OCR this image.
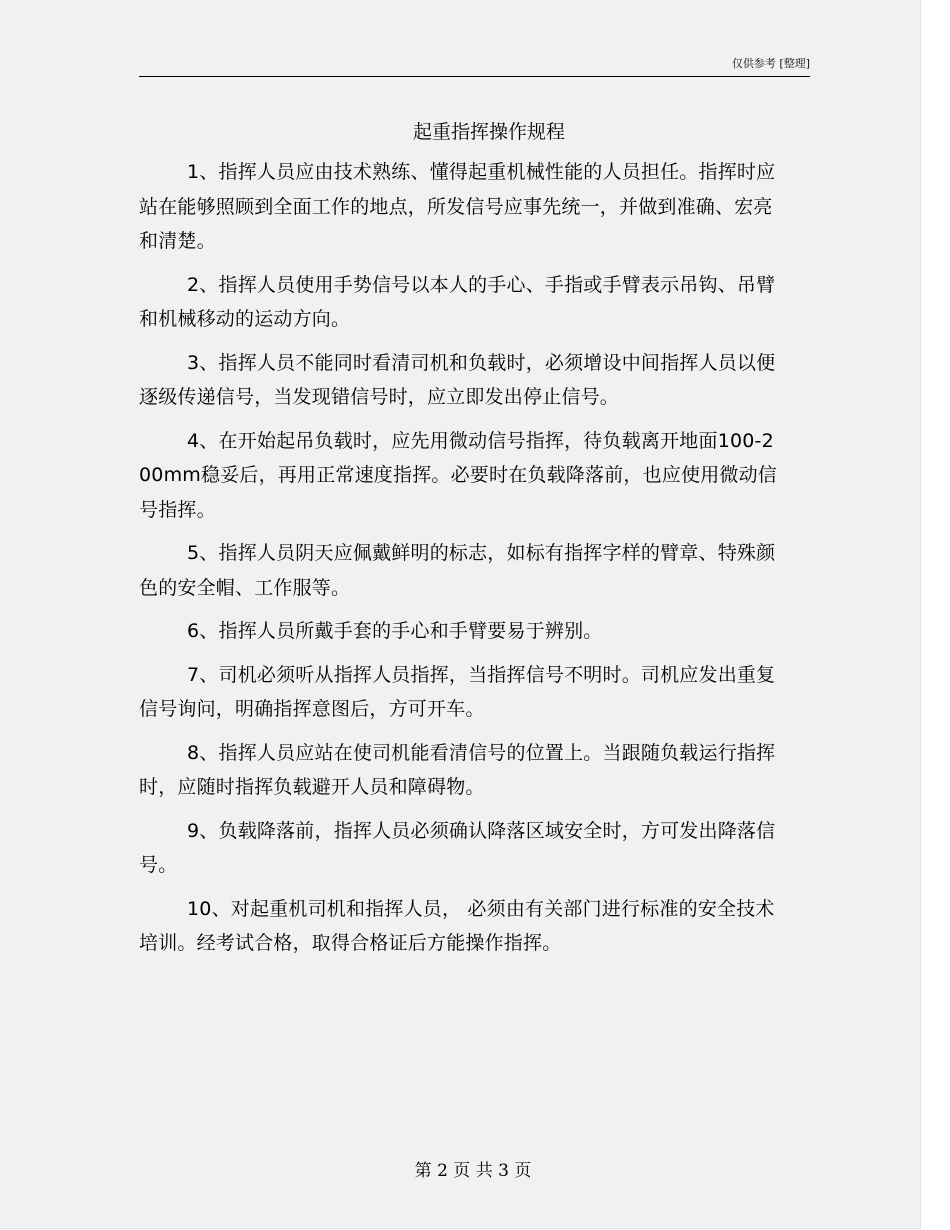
仅供参考 [整理]
起重指挥操作规程

1、指挥人员应由技术熟练、懂得起重机械性能的人员担任。指挥时应站在能够照顾到全面工作的地点，所发信号应事先统一，并做到准确、宏亮和清楚。

2、指挥人员使用手势信号以本人的手心、手指或手臂表示吊钩、吊臂和机械移动的运动方向。

3、指挥人员不能同时看清司机和负载时，必须增设中间指挥人员以便逐级传递信号，当发现错信号时，应立即发出停止信号。

4、在开始起吊负载时，应先用微动信号指挥，待负载离开地面100-200mm稳妥后，再用正常速度指挥。必要时在负载降落前，也应使用微动信号指挥。

5、指挥人员阴天应佩戴鲜明的标志，如标有指挥字样的臂章、特殊颜色的安全帽、工作服等。

6、指挥人员所戴手套的手心和手臂要易于辨别。

7、司机必须听从指挥人员指挥，当指挥信号不明时。司机应发出重复信号询问，明确指挥意图后，方可开车。

8、指挥人员应站在使司机能看清信号的位置上。当跟随负载运行指挥时，应随时指挥负载避开人员和障碍物。

9、负载降落前，指挥人员必须确认降落区域安全时，方可发出降落信号。

10、对起重机司机和指挥人员， 必须由有关部门进行标准的安全技术培训。经考试合格，取得合格证后方能操作指挥。

第 2 页 共 3 页
